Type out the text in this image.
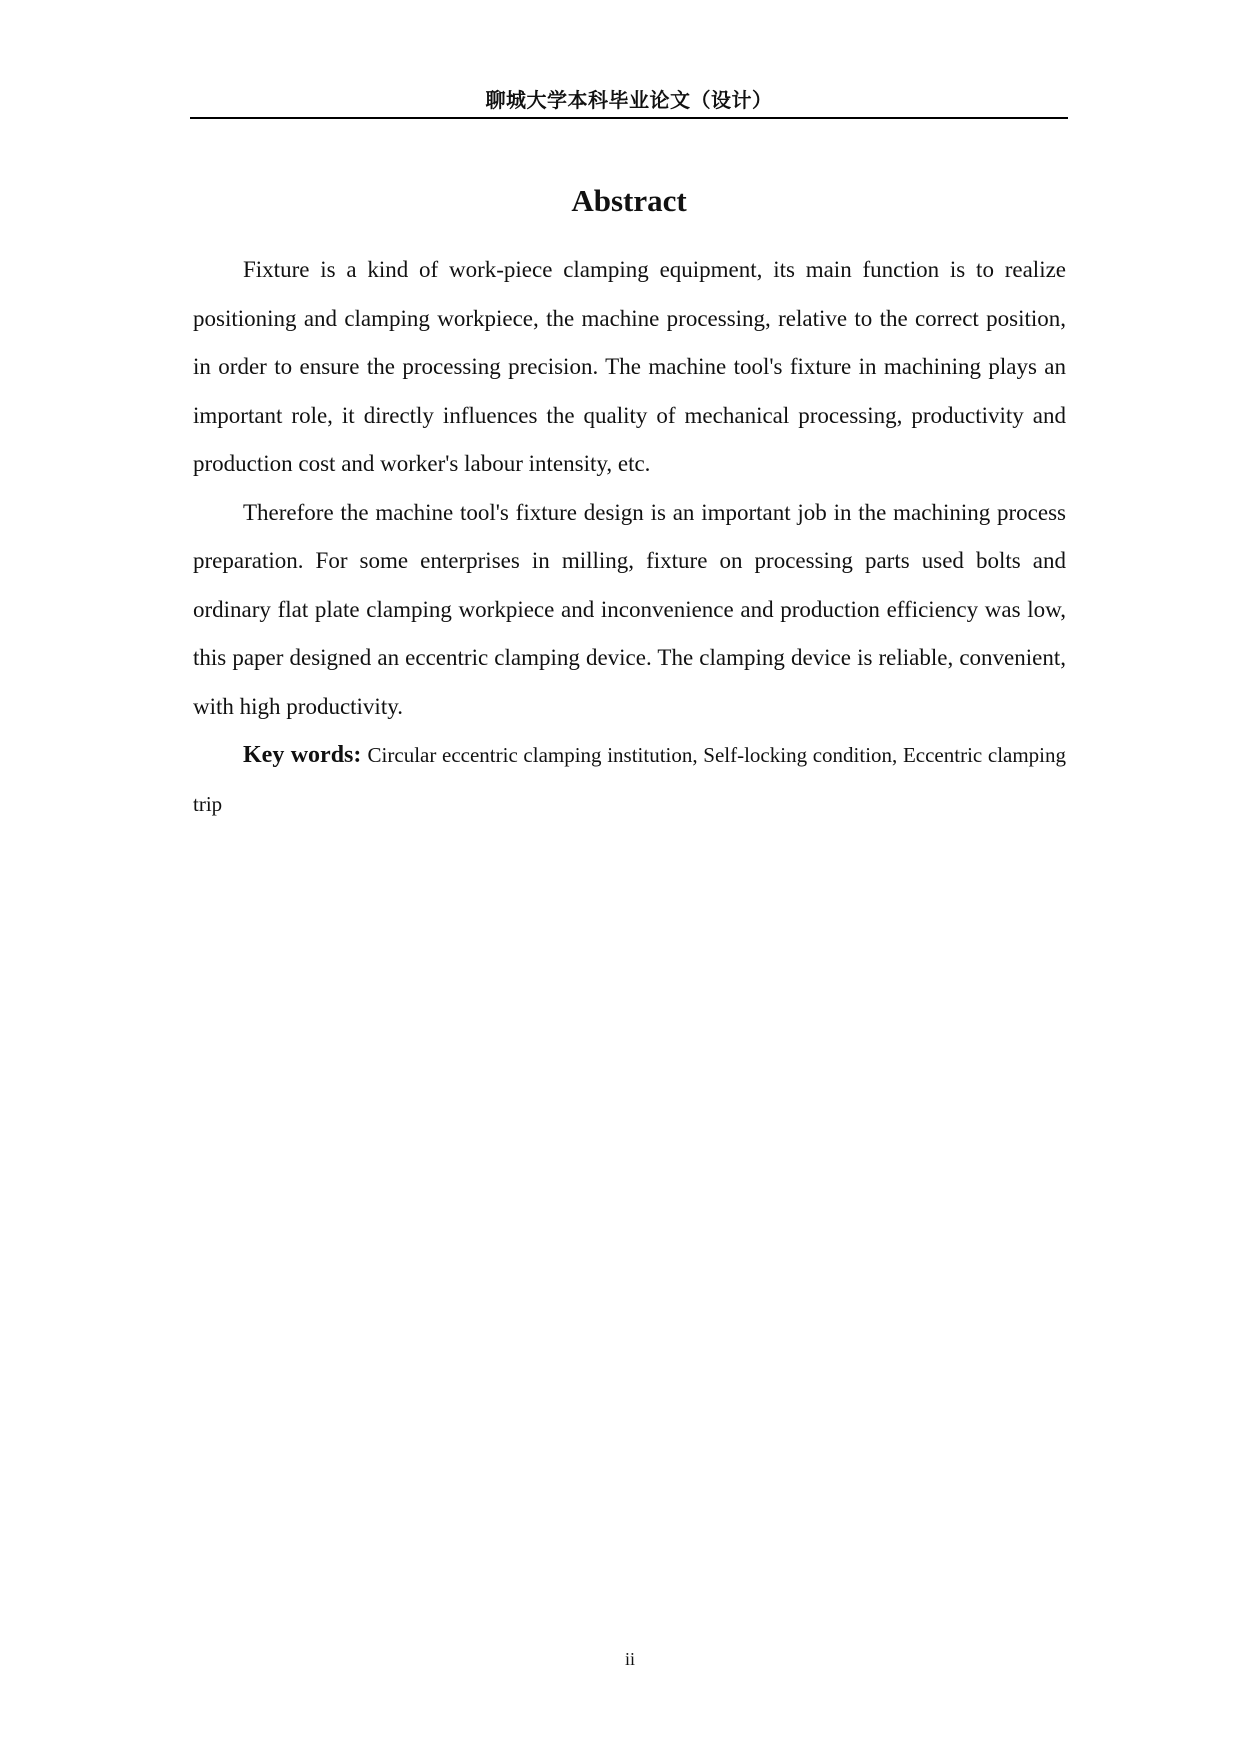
聊城大学本科毕业论文（设计）
Abstract

Fixture is a kind of work-piece clamping equipment, its main function is to realize positioning and clamping workpiece, the machine processing, relative to the correct position, in order to ensure the processing precision. The machine tool's fixture in machining plays an important role, it directly influences the quality of mechanical processing, productivity and production cost and worker's labour intensity, etc.

Therefore the machine tool's fixture design is an important job in the machining process preparation. For some enterprises in milling, fixture on processing parts used bolts and ordinary flat plate clamping workpiece and inconvenience and production efficiency was low, this paper designed an eccentric clamping device. The clamping device is reliable, convenient, with high productivity.

Key words: Circular eccentric clamping institution, Self-locking condition, Eccentric clamping trip

ii
